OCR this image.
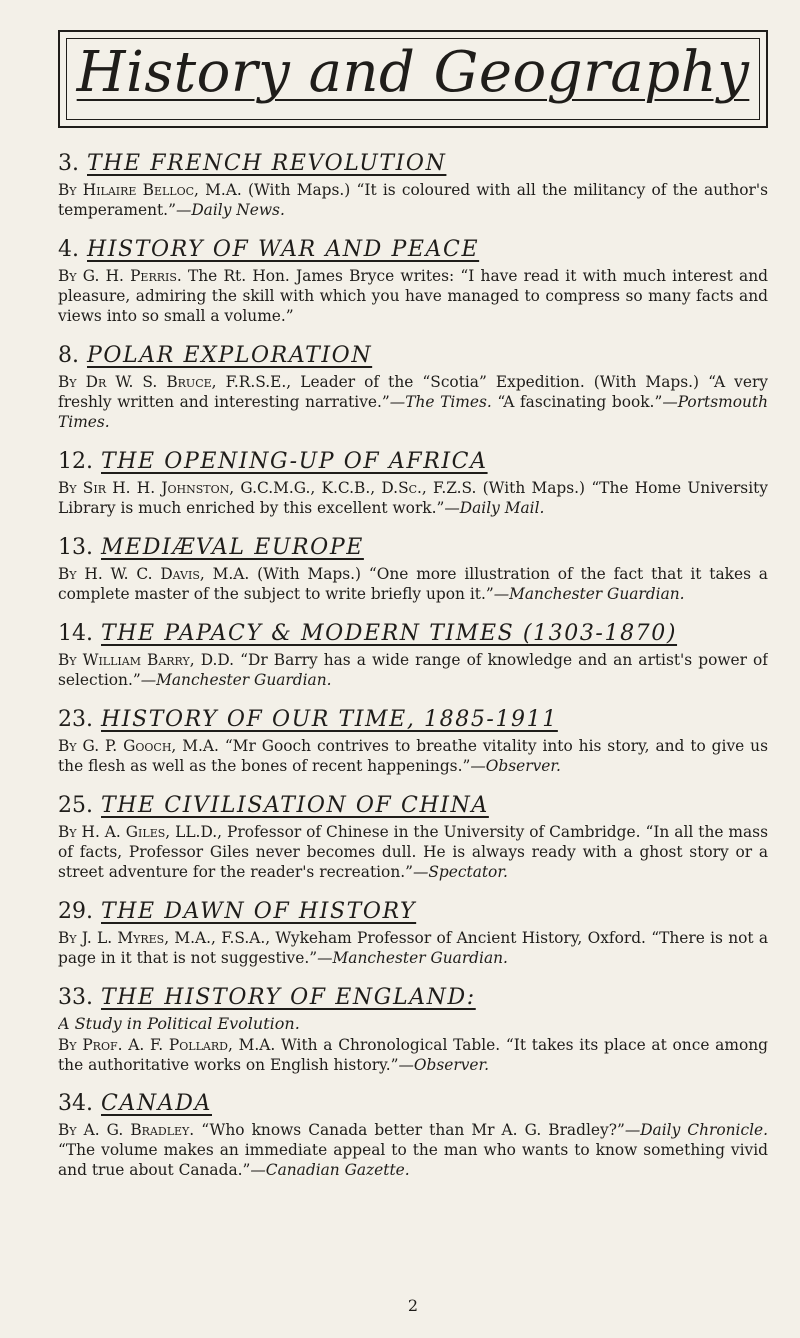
History and Geography
3. THE FRENCH REVOLUTION
By Hilaire Belloc, M.A. (With Maps.) “It is coloured with all the militancy of the author's temperament.”—Daily News.
4. HISTORY OF WAR AND PEACE
By G. H. Perris. The Rt. Hon. James Bryce writes: “I have read it with much interest and pleasure, admiring the skill with which you have managed to compress so many facts and views into so small a volume.”
8. POLAR EXPLORATION
By Dr W. S. Bruce, F.R.S.E., Leader of the “Scotia” Expedition. (With Maps.) “A very freshly written and interesting narrative.”—The Times. “A fascinating book.”—Portsmouth Times.
12. THE OPENING-UP OF AFRICA
By Sir H. H. Johnston, G.C.M.G., K.C.B., D.Sc., F.Z.S. (With Maps.) “The Home University Library is much enriched by this excellent work.”—Daily Mail.
13. MEDIÆVAL EUROPE
By H. W. C. Davis, M.A. (With Maps.) “One more illustration of the fact that it takes a complete master of the subject to write briefly upon it.”—Manchester Guardian.
14. THE PAPACY & MODERN TIMES (1303-1870)
By William Barry, D.D. “Dr Barry has a wide range of knowledge and an artist's power of selection.”—Manchester Guardian.
23. HISTORY OF OUR TIME, 1885-1911
By G. P. Gooch, M.A. “Mr Gooch contrives to breathe vitality into his story, and to give us the flesh as well as the bones of recent happenings.”—Observer.
25. THE CIVILISATION OF CHINA
By H. A. Giles, LL.D., Professor of Chinese in the University of Cambridge. “In all the mass of facts, Professor Giles never becomes dull. He is always ready with a ghost story or a street adventure for the reader's recreation.”—Spectator.
29. THE DAWN OF HISTORY
By J. L. Myres, M.A., F.S.A., Wykeham Professor of Ancient History, Oxford. “There is not a page in it that is not suggestive.”—Manchester Guardian.
33. THE HISTORY OF ENGLAND:
A Study in Political Evolution.
By Prof. A. F. Pollard, M.A. With a Chronological Table. “It takes its place at once among the authoritative works on English history.”—Observer.
34. CANADA
By A. G. Bradley. “Who knows Canada better than Mr A. G. Bradley?”—Daily Chronicle. “The volume makes an immediate appeal to the man who wants to know something vivid and true about Canada.”—Canadian Gazette.
2
